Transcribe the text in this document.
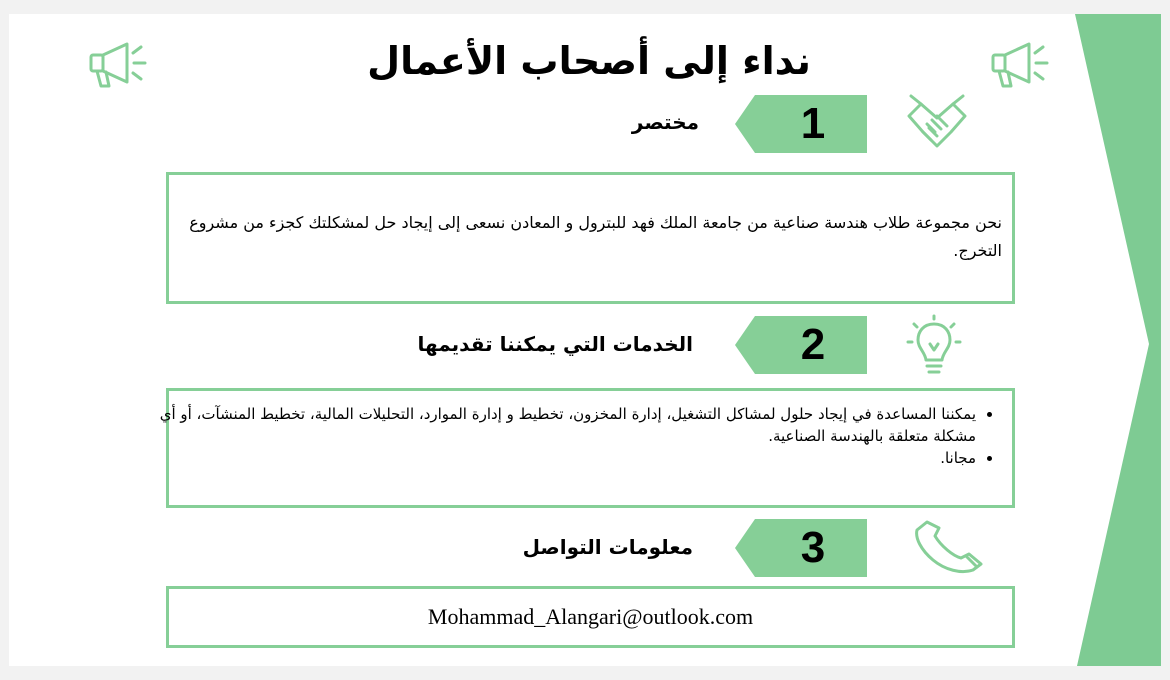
نداء إلى أصحاب الأعمال
1
مختصر
نحن مجموعة طلاب هندسة صناعية من جامعة الملك فهد للبترول و المعادن نسعى إلى إيجاد حل لمشكلتك كجزء من مشروع التخرج.
2
الخدمات التي يمكننا تقديمها
• يمكننا المساعدة في إيجاد حلول لمشاكل التشغيل، إدارة المخزون، تخطيط و إدارة الموارد، التحليلات المالية، تخطيط المنشآت، أو أي مشكلة متعلقة بالهندسة الصناعية.
• مجانا.
3
معلومات التواصل
Mohammad_Alangari@outlook.com
